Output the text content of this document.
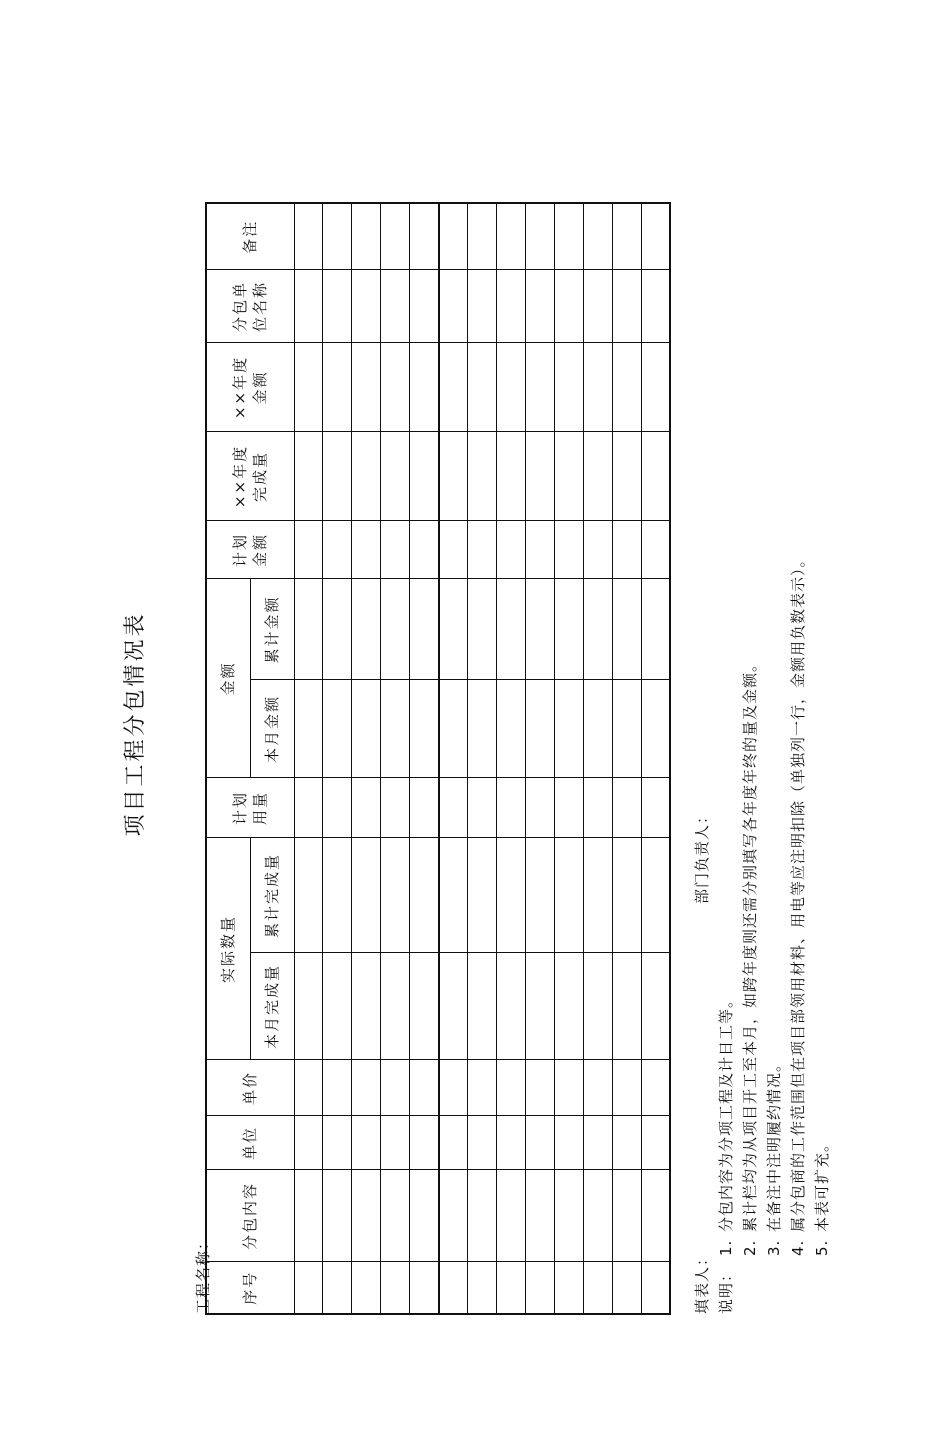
项目工程分包情况表
工程名称： 序号	分包内容	单位	单价	实际数量		计划 用量	金额		计划 金额	××年度 完成量	××年度 金额	分包单 位名称	备注
				本月完成量	累计完成量		本月金额	累计金额					

填表人：部门负责人：
说明：1.分包内容为分项工程及计日工等。
2.累计栏均为从项目开工至本月，如跨年度则还需分别填写各年度年终的量及金额。
3.在备注中注明履约情况。
4.属分包商的工作范围但在项目部领用材料、用电等应注明扣除（单独列一行，金额用负数表示）。
5.本表可扩充。
